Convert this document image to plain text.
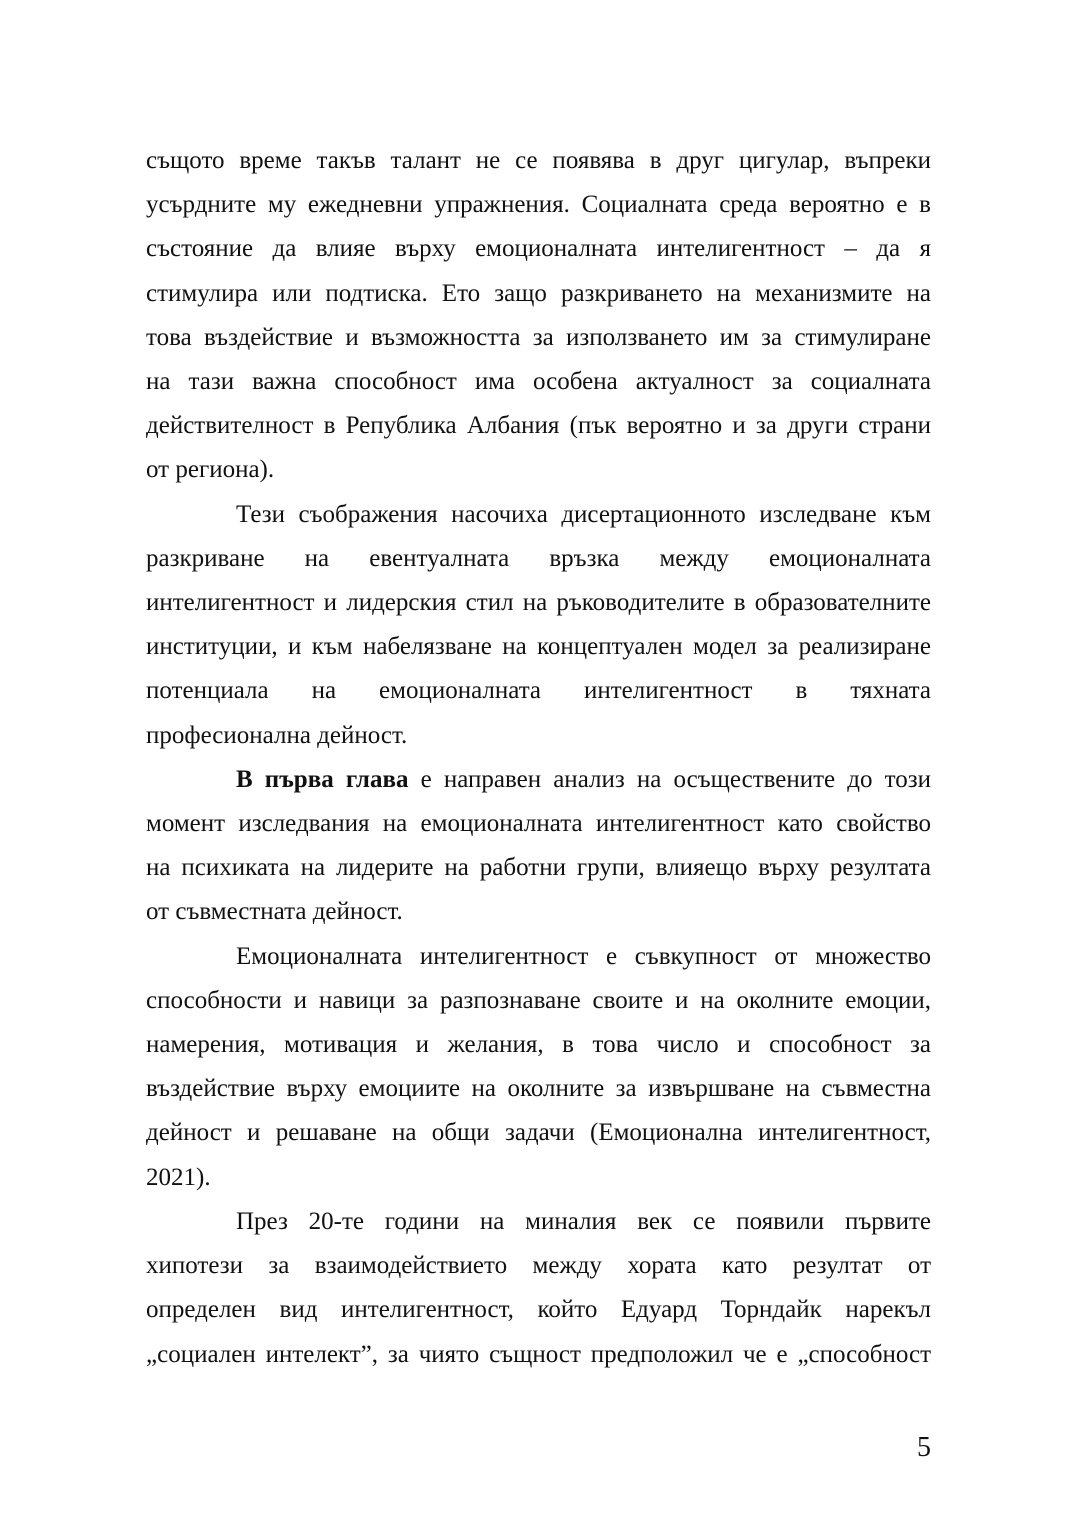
същото време такъв талант не се появява в друг цигулар, въпреки
усърдните му ежедневни упражнения. Социалната среда вероятно е в
състояние да влияе върху емоционалната интелигентност – да я
стимулира или подтиска. Ето защо разкриването на механизмите на
това въздействие и възможността за използването им за стимулиране
на тази важна способност има особена актуалност за социалната
действителност в Република Албания (пък вероятно и за други страни
от региона).
Тези съображения насочиха дисертационното изследване към
разкриване на евентуалната връзка между емоционалната
интелигентност и лидерския стил на ръководителите в образователните
институции, и към набелязване на концептуален модел за реализиране
потенциала на емоционалната интелигентност в тяхната
професионална дейност.
В първа глава е направен анализ на осъществените до този
момент изследвания на емоционалната интелигентност като свойство
на психиката на лидерите на работни групи, влияещо върху резултата
от съвместната дейност.
Емоционалната интелигентност е съвкупност от множество
способности и навици за разпознаване своите и на околните емоции,
намерения, мотивация и желания, в това число и способност за
въздействие върху емоциите на околните за извършване на съвместна
дейност и решаване на общи задачи (Емоционална интелигентност,
2021).
През 20-те години на миналия век се появили първите
хипотези за взаимодействието между хората като резултат от
определен вид интелигентност, който Едуард Торндайк нарекъл
„социален интелект”, за чиято същност предположил че е „способност
5
